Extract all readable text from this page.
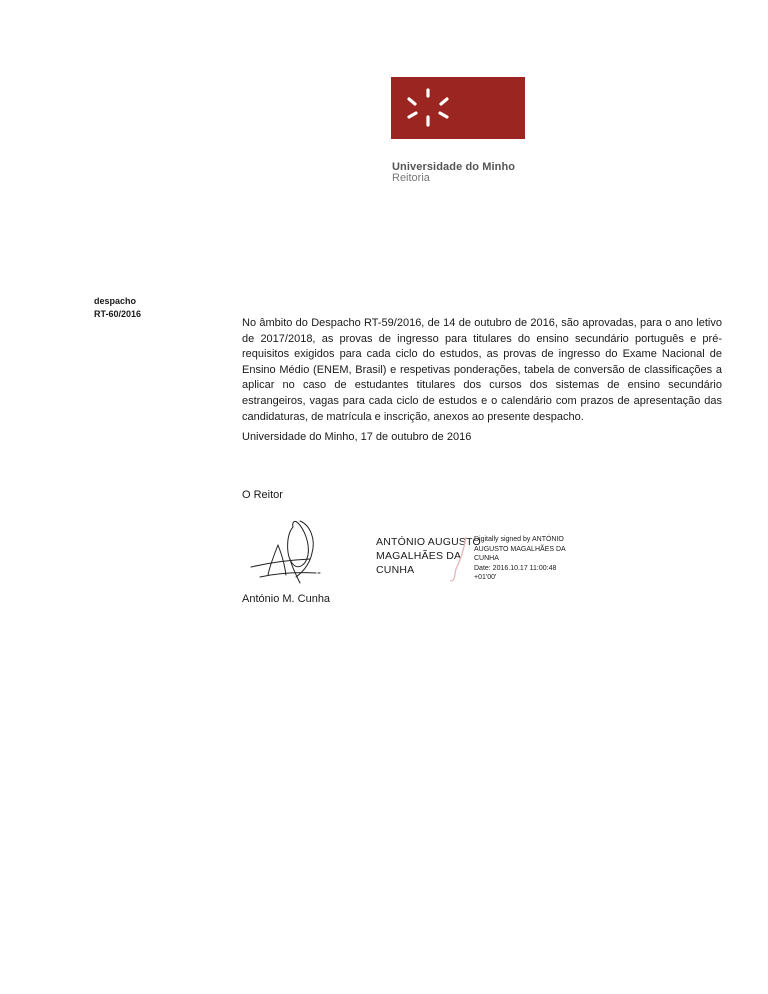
Universidade do Minho
Reitoria
despacho
RT-60/2016
No âmbito do Despacho RT-59/2016, de 14 de outubro de 2016, são aprovadas, para o ano letivo de 2017/2018, as provas de ingresso para titulares do ensino secundário português e pré-requisitos exigidos para cada ciclo do estudos, as provas de ingresso do Exame Nacional de Ensino Médio (ENEM, Brasil) e respetivas ponderações, tabela de conversão de classificações a aplicar no caso de estudantes titulares dos cursos dos sistemas de ensino secundário estrangeiros, vagas para cada ciclo de estudos e o calendário com prazos de apresentação das candidaturas, de matrícula e inscrição, anexos ao presente despacho.
Universidade do Minho, 17 de outubro de 2016
O Reitor
António M. Cunha
ANTÓNIO AUGUSTO
MAGALHÃES DA
CUNHA
Digitally signed by ANTÓNIO
AUGUSTO MAGALHÃES DA
CUNHA
Date: 2016.10.17 11:00:48
+01'00'
